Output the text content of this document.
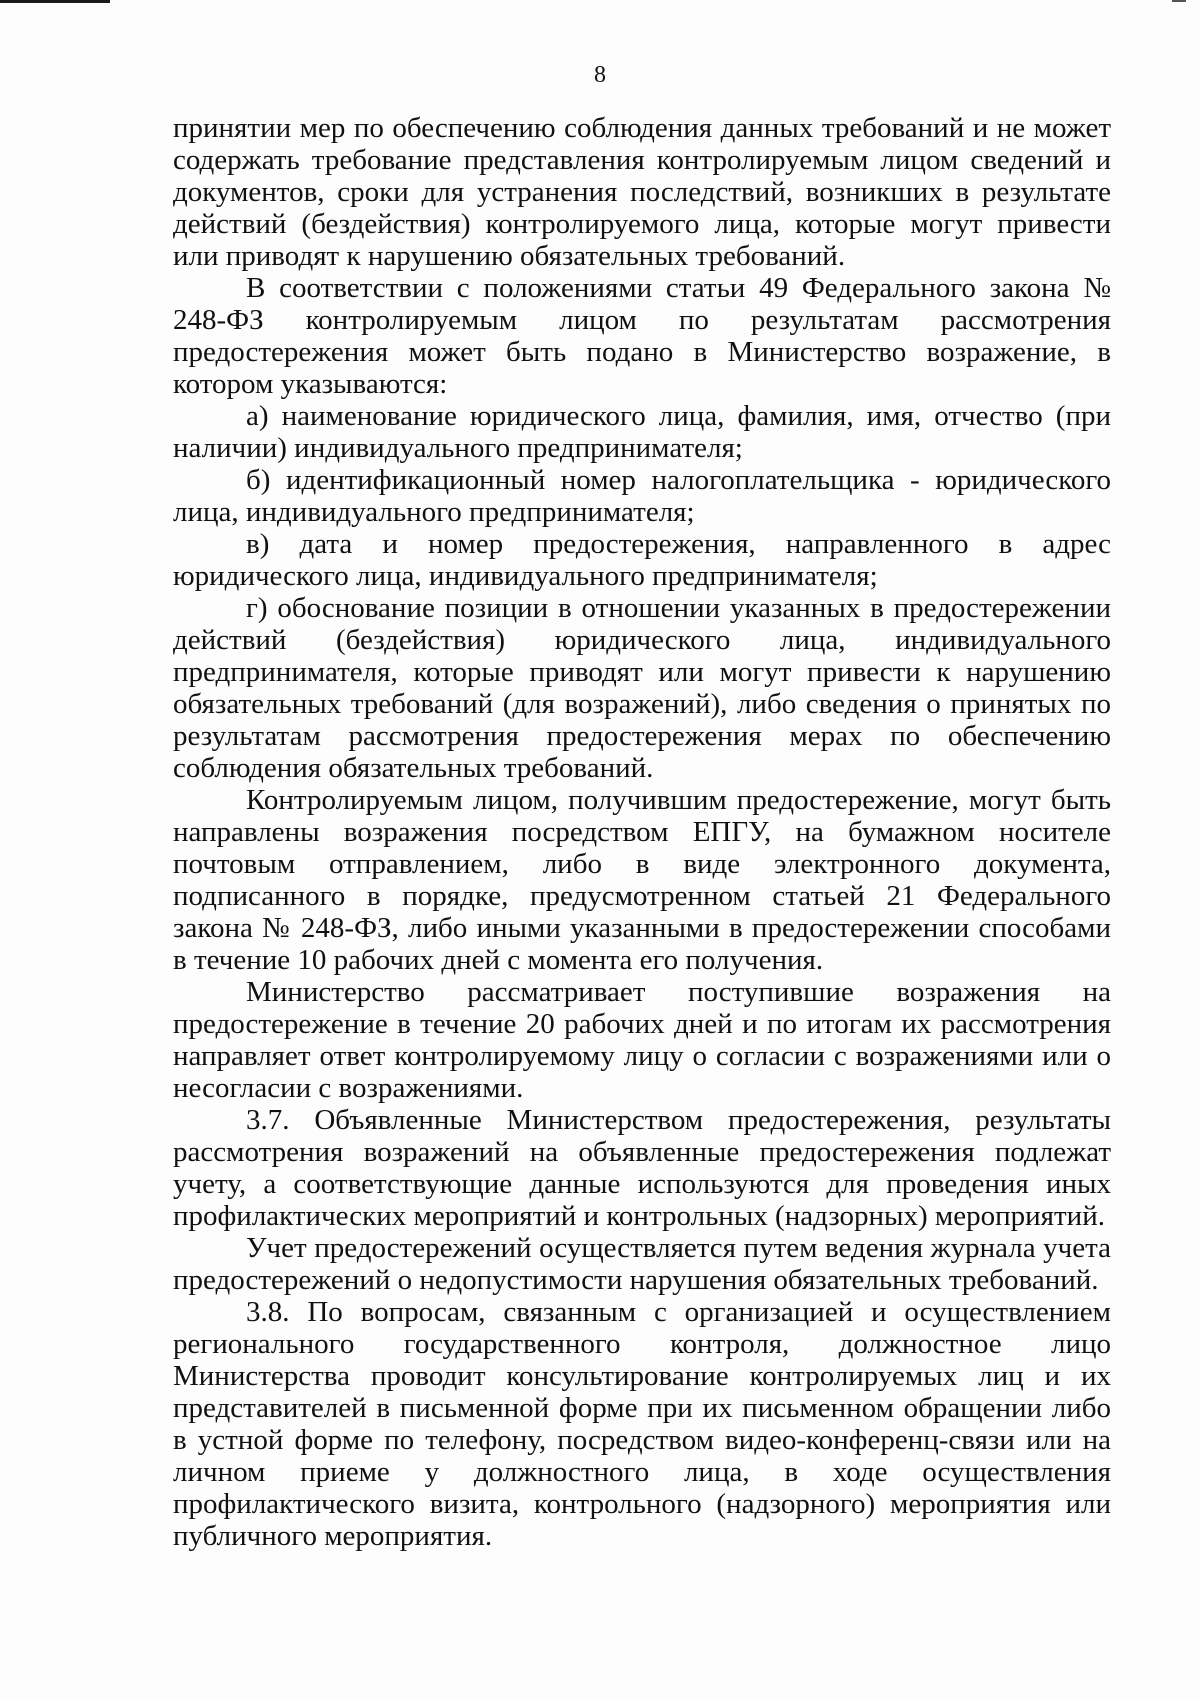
8

принятии мер по обеспечению соблюдения данных требований и не может содержать требование представления контролируемым лицом сведений и документов, сроки для устранения последствий, возникших в результате действий (бездействия) контролируемого лица, которые могут привести или приводят к нарушению обязательных требований.

В соответствии с положениями статьи 49 Федерального закона № 248-ФЗ контролируемым лицом по результатам рассмотрения предостережения может быть подано в Министерство возражение, в котором указываются:

а) наименование юридического лица, фамилия, имя, отчество (при наличии) индивидуального предпринимателя;

б) идентификационный номер налогоплательщика - юридического лица, индивидуального предпринимателя;

в) дата и номер предостережения, направленного в адрес юридического лица, индивидуального предпринимателя;

г) обоснование позиции в отношении указанных в предостережении действий (бездействия) юридического лица, индивидуального предпринимателя, которые приводят или могут привести к нарушению обязательных требований (для возражений), либо сведения о принятых по результатам рассмотрения предостережения мерах по обеспечению соблюдения обязательных требований.

Контролируемым лицом, получившим предостережение, могут быть направлены возражения посредством ЕПГУ, на бумажном носителе почтовым отправлением, либо в виде электронного документа, подписанного в порядке, предусмотренном статьей 21 Федерального закона № 248-ФЗ, либо иными указанными в предостережении способами в течение 10 рабочих дней с момента его получения.

Министерство рассматривает поступившие возражения на предостережение в течение 20 рабочих дней и по итогам их рассмотрения направляет ответ контролируемому лицу о согласии с возражениями или о несогласии с возражениями.

3.7. Объявленные Министерством предостережения, результаты рассмотрения возражений на объявленные предостережения подлежат учету, а соответствующие данные используются для проведения иных профилактических мероприятий и контрольных (надзорных) мероприятий.

Учет предостережений осуществляется путем ведения журнала учета предостережений о недопустимости нарушения обязательных требований.

3.8. По вопросам, связанным с организацией и осуществлением регионального государственного контроля, должностное лицо Министерства проводит консультирование контролируемых лиц и их представителей в письменной форме при их письменном обращении либо в устной форме по телефону, посредством видео-конференц-связи или на личном приеме у должностного лица, в ходе осуществления профилактического визита, контрольного (надзорного) мероприятия или публичного мероприятия.
